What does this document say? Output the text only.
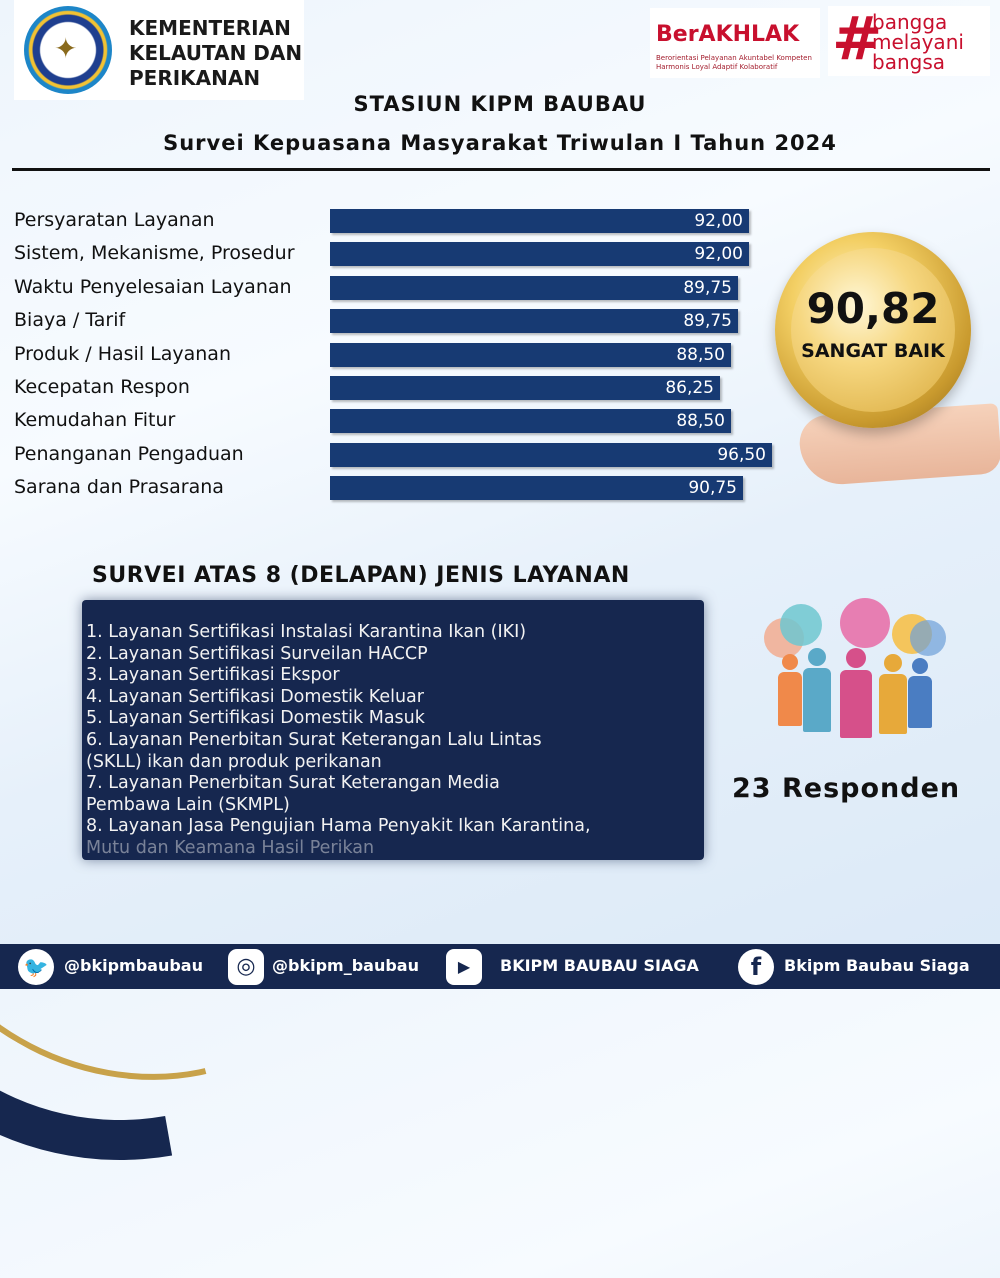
✦
KEMENTERIAN
KELAUTAN DAN
PERIKANAN
BerAKHLAK
Berorientasi Pelayanan Akuntabel Kompeten Harmonis Loyal Adaptif Kolaboratif #
bangga
melayani
bangsa
STASIUN KIPM BAUBAU
Survei Kepuasana Masyarakat Triwulan I Tahun 2024
Persyaratan Layanan	92,00
Sistem, Mekanisme, Prosedur	92,00
Waktu Penyelesaian Layanan	89,75
Biaya / Tarif	89,75
Produk / Hasil Layanan	88,50
Kecepatan Respon	86,25
Kemudahan Fitur	88,50
Penanganan Pengaduan	96,50
Sarana dan Prasarana	90,75
90,82
SANGAT BAIK
SURVEI ATAS 8 (DELAPAN) JENIS LAYANAN
1. Layanan Sertifikasi Instalasi Karantina Ikan (IKI)
2. Layanan Sertifikasi Surveilan HACCP
3. Layanan Sertifikasi Ekspor
4. Layanan Sertifikasi Domestik Keluar
5. Layanan Sertifikasi Domestik Masuk
6. Layanan Penerbitan Surat Keterangan Lalu Lintas
(SKLL) ikan dan produk perikanan
7. Layanan Penerbitan Surat Keterangan Media
Pembawa Lain (SKMPL)
8. Layanan Jasa Pengujian Hama Penyakit Ikan Karantina,
Mutu dan Keamana Hasil Perikan
23 Responden
🐦 @bkipmbaubau	◎	@bkipm_baubau	▶	BKIPM BAUBAU SIAGA	f	Bkipm Baubau Siaga
